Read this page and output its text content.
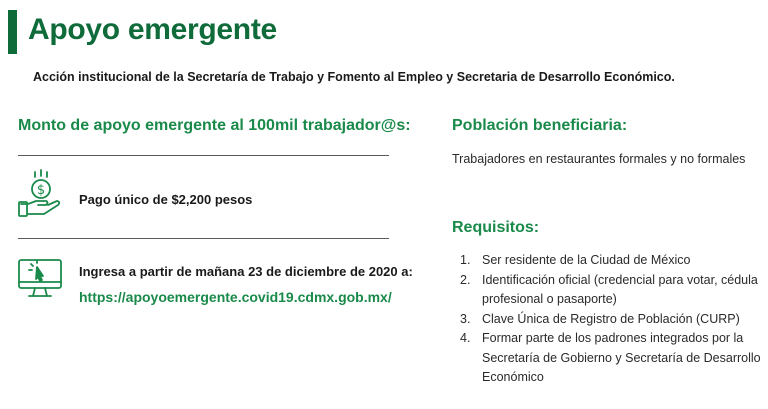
Apoyo emergente
Acción institucional de la Secretaría de Trabajo y Fomento al Empleo y Secretaria de Desarrollo Económico.
Monto de apoyo emergente al 100mil trabajador@s:
$
Pago único de $2,200 pesos
Ingresa a partir de mañana 23 de diciembre de 2020 a:
https://apoyoemergente.covid19.cdmx.gob.mx/
Población beneficiaria:
Trabajadores en restaurantes formales y no formales
Requisitos:
1. Ser residente de la Ciudad de México
2. Identificación oficial (credencial para votar, cédula profesional o pasaporte)
3. Clave Única de Registro de Población (CURP)
4. Formar parte de los padrones integrados por la Secretaría de Gobierno y Secretaría de Desarrollo Económico
